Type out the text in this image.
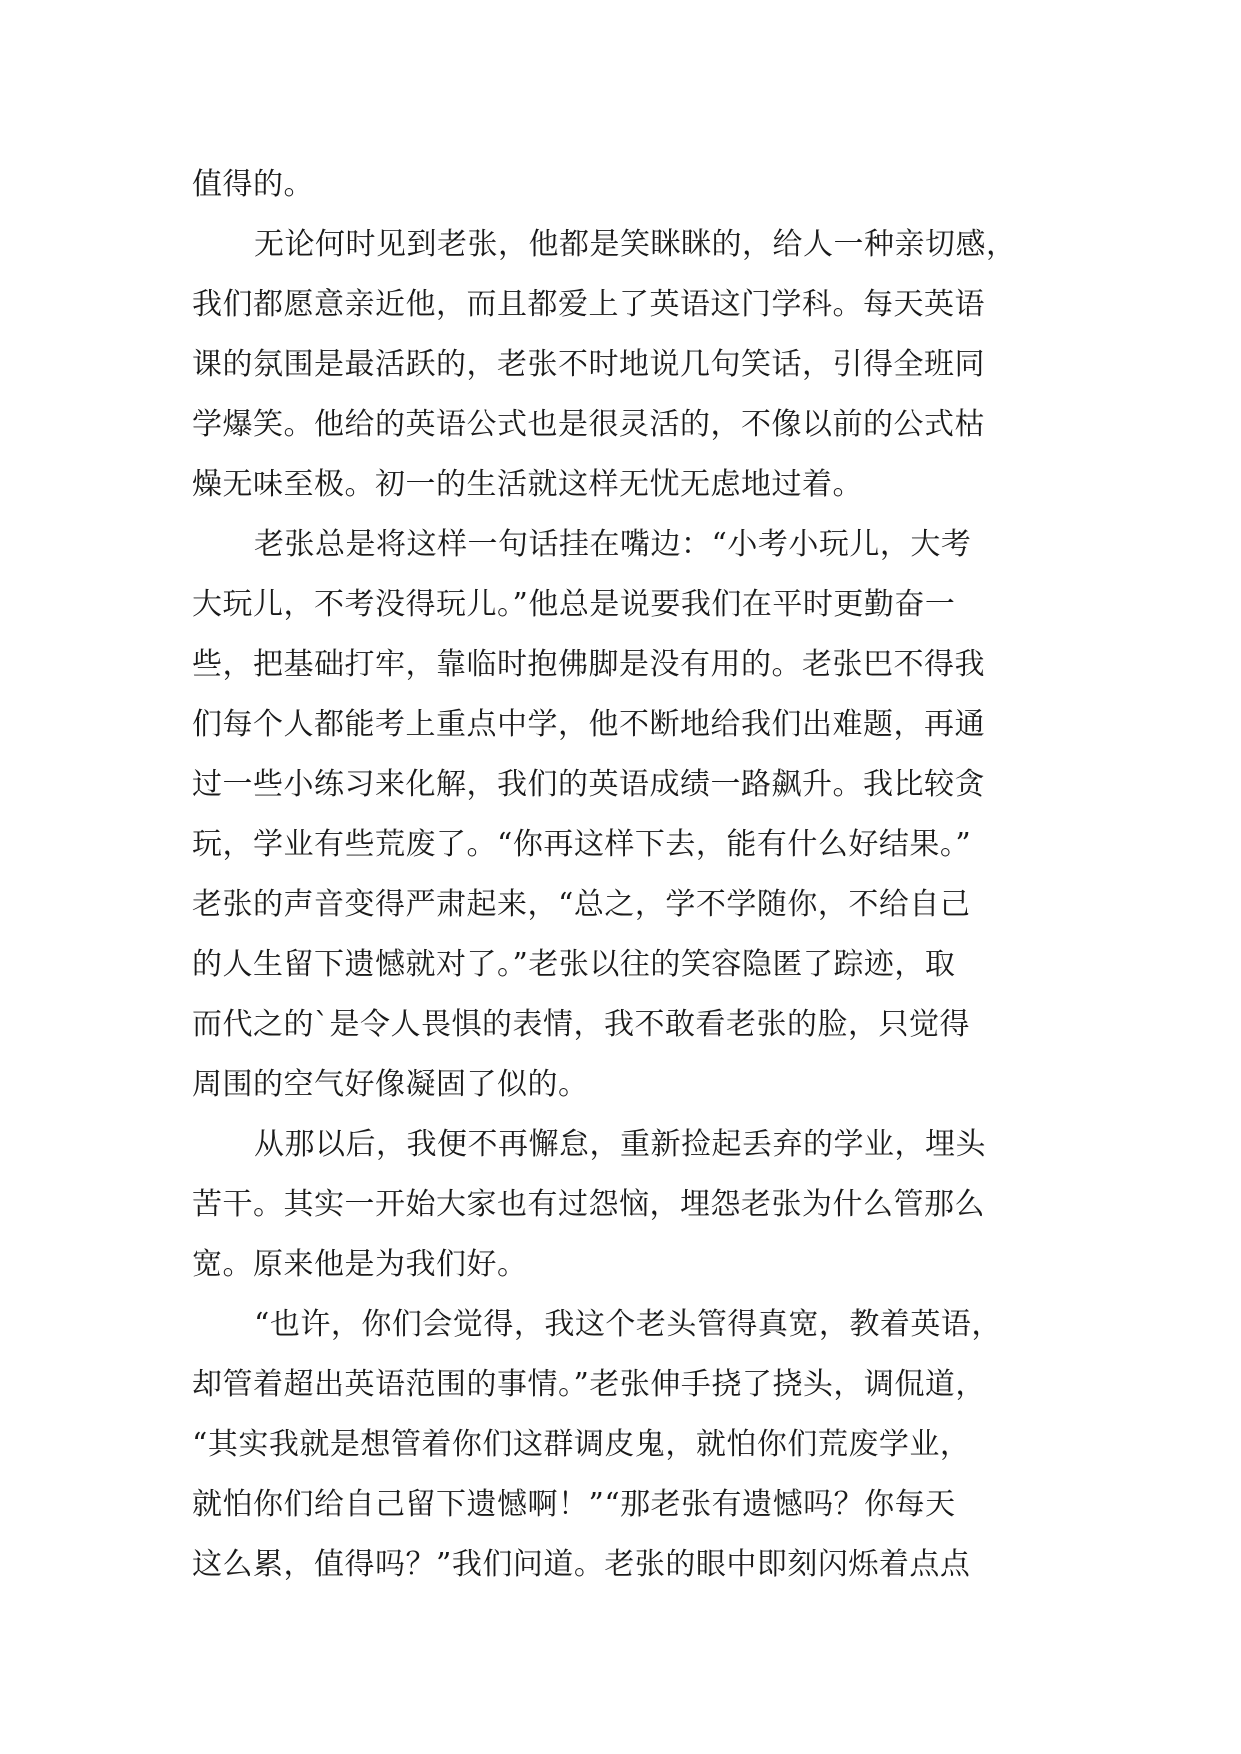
值得的。
无论何时见到老张，他都是笑眯眯的，给人一种亲切感，
我们都愿意亲近他，而且都爱上了英语这门学科。每天英语
课的氛围是最活跃的，老张不时地说几句笑话，引得全班同
学爆笑。他给的英语公式也是很灵活的，不像以前的公式枯
燥无味至极。初一的生活就这样无忧无虑地过着。
老张总是将这样一句话挂在嘴边：“小考小玩儿，大考
大玩儿，不考没得玩儿。”他总是说要我们在平时更勤奋一
些，把基础打牢，靠临时抱佛脚是没有用的。老张巴不得我
们每个人都能考上重点中学，他不断地给我们出难题，再通
过一些小练习来化解，我们的英语成绩一路飙升。我比较贪
玩，学业有些荒废了。“你再这样下去，能有什么好结果。”
老张的声音变得严肃起来，“总之，学不学随你，不给自己
的人生留下遗憾就对了。”老张以往的笑容隐匿了踪迹，取
而代之的`是令人畏惧的表情，我不敢看老张的脸，只觉得
周围的空气好像凝固了似的。
从那以后，我便不再懈怠，重新捡起丢弃的学业，埋头
苦干。其实一开始大家也有过怨恼，埋怨老张为什么管那么
宽。原来他是为我们好。
“也许，你们会觉得，我这个老头管得真宽，教着英语，
却管着超出英语范围的事情。”老张伸手挠了挠头，调侃道，
“其实我就是想管着你们这群调皮鬼，就怕你们荒废学业，
就怕你们给自己留下遗憾啊！”“那老张有遗憾吗？你每天
这么累，值得吗？”我们问道。老张的眼中即刻闪烁着点点
